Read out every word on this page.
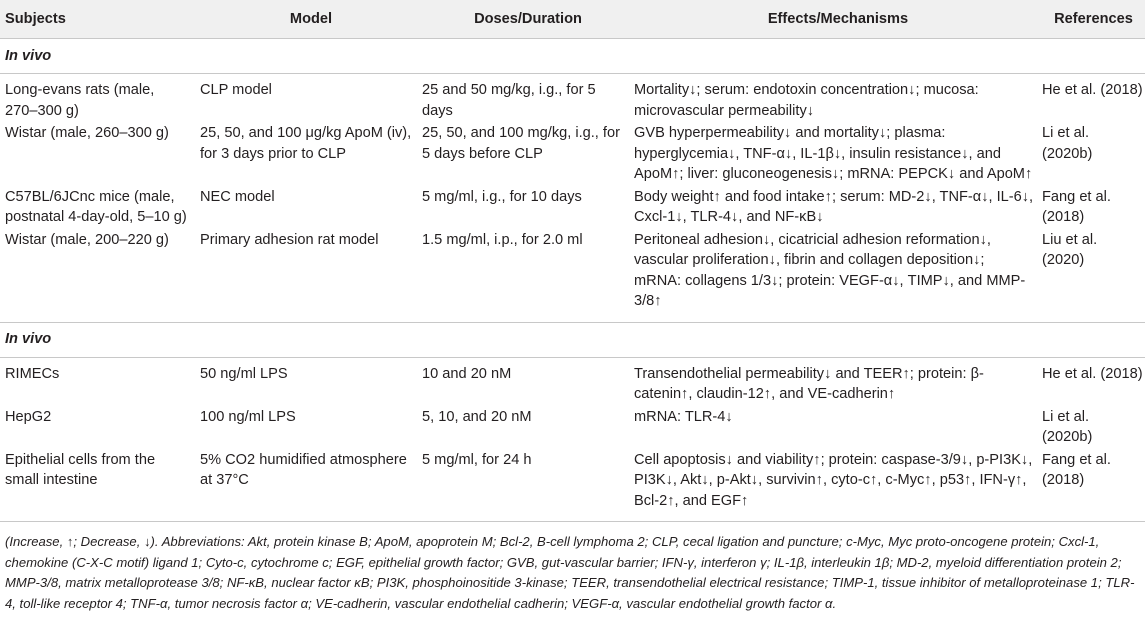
Subjects	Model	Doses/Duration	Effects/Mechanisms	References
In vivo				
Long-evans rats (male, 270–300 g)	CLP model	25 and 50 mg/kg, i.g., for 5 days	Mortality↓; serum: endotoxin concentration↓; mucosa: microvascular permeability↓	He et al. (2018)
Wistar (male, 260–300 g)	25, 50, and 100 μg/kg ApoM (iv), for 3 days prior to CLP	25, 50, and 100 mg/kg, i.g., for 5 days before CLP	GVB hyperpermeability↓ and mortality↓; plasma: hyperglycemia↓, TNF-α↓, IL-1β↓, insulin resistance↓, and ApoM↑; liver: gluconeogenesis↓; mRNA: PEPCK↓ and ApoM↑	Li et al. (2020b)
C57BL/6JCnc mice (male, postnatal 4-day-old, 5–10 g)	NEC model	5 mg/ml, i.g., for 10 days	Body weight↑ and food intake↑; serum: MD-2↓, TNF-α↓, IL-6↓, Cxcl-1↓, TLR-4↓, and NF-κB↓	Fang et al. (2018)
Wistar (male, 200–220 g)	Primary adhesion rat model	1.5 mg/ml, i.p., for 2.0 ml	Peritoneal adhesion↓, cicatricial adhesion reformation↓, vascular proliferation↓, fibrin and collagen deposition↓; mRNA: collagens 1/3↓; protein: VEGF-α↓, TIMP↓, and MMP-3/8↑	Liu et al. (2020)
In vivo				
RIMECs	50 ng/ml LPS	10 and 20 nM	Transendothelial permeability↓ and TEER↑; protein: β-catenin↑, claudin-12↑, and VE-cadherin↑	He et al. (2018)
HepG2	100 ng/ml LPS	5, 10, and 20 nM	mRNA: TLR-4↓	Li et al. (2020b)
Epithelial cells from the small intestine	5% CO2 humidified atmosphere at 37°C	5 mg/ml, for 24 h	Cell apoptosis↓ and viability↑; protein: caspase-3/9↓, p-PI3K↓, PI3K↓, Akt↓, p-Akt↓, survivin↑, cyto-c↑, c-Myc↑, p53↑, IFN-γ↑, Bcl-2↑, and EGF↑	Fang et al. (2018)
(Increase, ↑; Decrease, ↓). Abbreviations: Akt, protein kinase B; ApoM, apoprotein M; Bcl-2, B-cell lymphoma 2; CLP, cecal ligation and puncture; c-Myc, Myc proto-oncogene protein; Cxcl-1, chemokine (C-X-C motif) ligand 1; Cyto-c, cytochrome c; EGF, epithelial growth factor; GVB, gut-vascular barrier; IFN-γ, interferon γ; IL-1β, interleukin 1β; MD-2, myeloid differentiation protein 2; MMP-3/8, matrix metalloprotease 3/8; NF-κB, nuclear factor κB; PI3K, phosphoinositide 3-kinase; TEER, transendothelial electrical resistance; TIMP-1, tissue inhibitor of metalloproteinase 1; TLR-4, toll-like receptor 4; TNF-α, tumor necrosis factor α; VE-cadherin, vascular endothelial cadherin; VEGF-α, vascular endothelial growth factor α.
